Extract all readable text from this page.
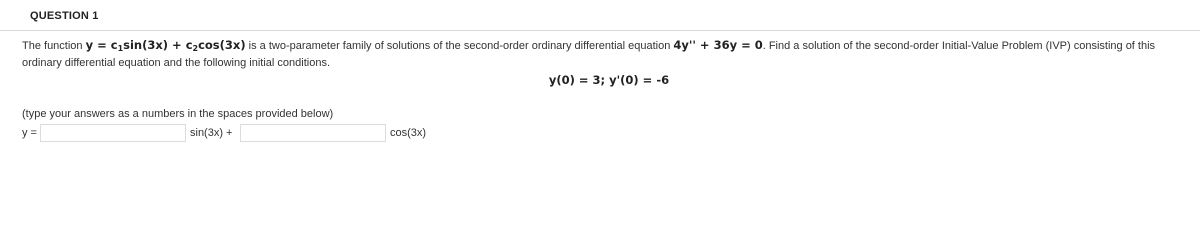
QUESTION 1
The function $y = c_1\sin(3x) + c_2\cos(3x)$ is a two-parameter family of solutions of the second-order ordinary differential equation 4y'' + 36y = 0. Find a solution of the second-order Initial-Value Problem (IVP) consisting of this ordinary differential equation and the following initial conditions.
y(0) = 3; y'(0) = -6
(type your answers as a numbers in the spaces provided below)
y =	sin(3x) +	cos(3x)
